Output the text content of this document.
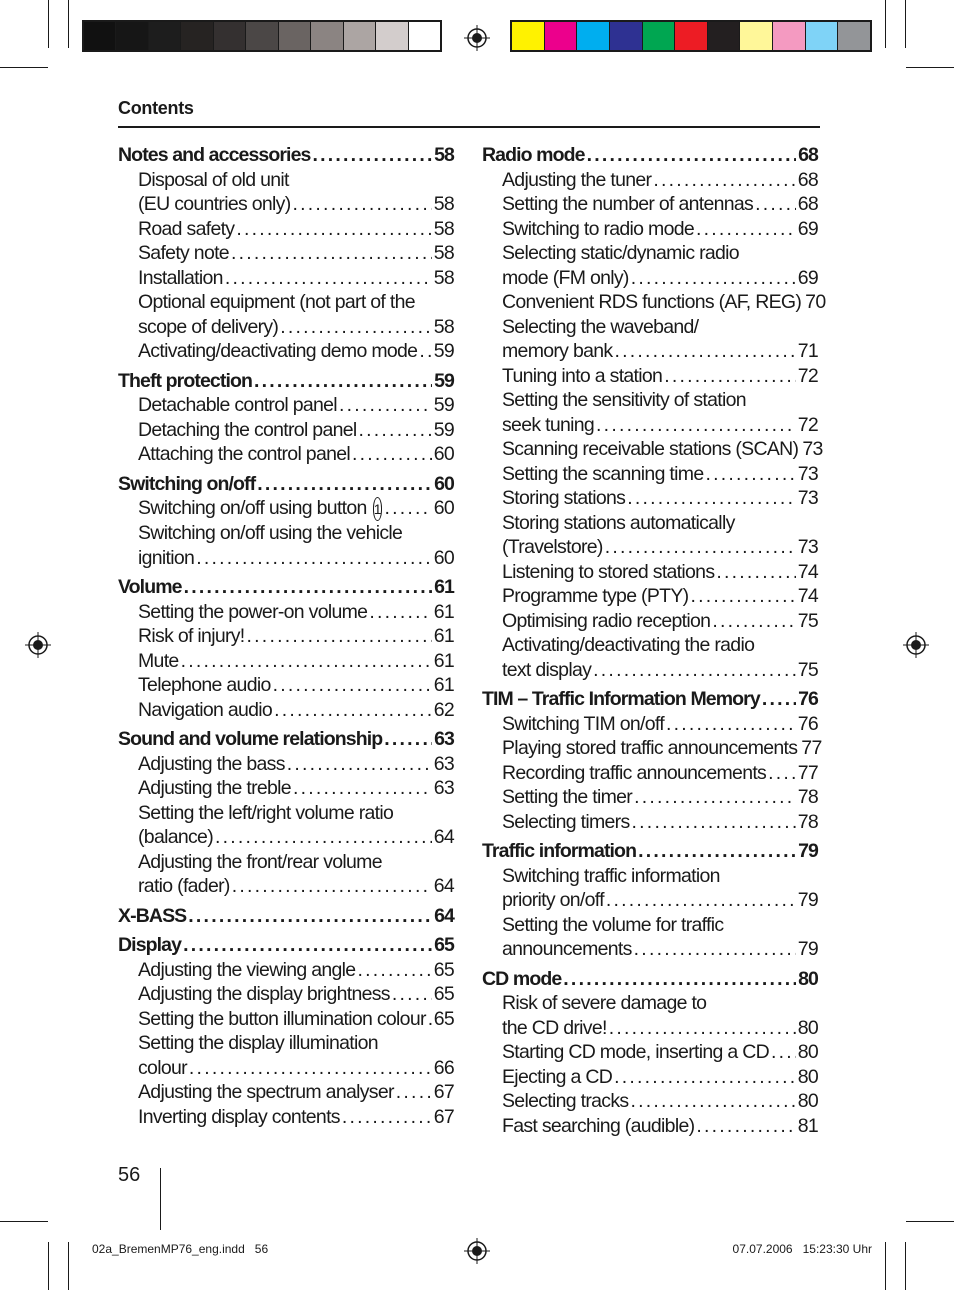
Contents
Notes and accessories . . .	58
Disposal of old unit
(EU countries only) . . .	58
Road safety . . .	58
Safety note . . .	58
Installation . . .	58
Optional equipment (not part of the
scope of delivery) . . .	58
Activating/deactivating demo mode . . . 59
Theft protection . . .	59
Detachable control panel . . .	59
Detaching the control panel . . .	59
Attaching the control panel . . .	60
Switching on/off . . .	60
Switching on/off using button 1 . . .	60
Switching on/off using the vehicle
ignition . . .	60
Volume . . .	61
Setting the power-on volume . . .	61
Risk of injury! . . .	61
Mute . . .	61
Telephone audio . . .	61
Navigation audio . . .	62
Sound and volume relationship . . .	63
Adjusting the bass . . .	63
Adjusting the treble . . .	63
Setting the left/right volume ratio
(balance) . . .	64
Adjusting the front/rear volume
ratio (fader) . . .	64
X-BASS . . .	64
Display . . .	65
Adjusting the viewing angle . . .	65
Adjusting the display brightness . . . 65
Setting the button illumination colour . . . 65
Setting the display illumination
colour . . .	66
Adjusting the spectrum analyser . . . 67
Inverting display contents . . .	67
Radio mode . . .	68
Adjusting the tuner . . .	68
Setting the number of antennas . . . 68
Switching to radio mode . . .	69
Selecting static/dynamic radio
mode (FM only) . . .	69
Convenient RDS functions (AF, REG) 70
Selecting the waveband/
memory bank . . .	71
Tuning into a station . . .	72
Setting the sensitivity of station
seek tuning . . .	72
Scanning receivable stations (SCAN) 73
Setting the scanning time . . .	73
Storing stations . . .	73
Storing stations automatically
(Travelstore) . . .	73
Listening to stored stations . . .	74
Programme type (PTY) . . .	74
Optimising radio reception . . .	75
Activating/deactivating the radio
text display . . .	75
TIM – Traffic Information Memory . . . 76
Switching TIM on/off . . .	76
Playing stored traffic announcements 77
Recording traffic announcements . . . 77
Setting the timer . . .	78
Selecting timers . . .	78
Traffic information . . .	79
Switching traffic information
priority on/off . . .	79
Setting the volume for traffic
announcements . . .	79
CD mode . . .	80
Risk of severe damage to
the CD drive! . . .	80
Starting CD mode, inserting a CD . . . 80
Ejecting a CD . . .	80
Selecting tracks . . .	80
Fast searching (audible) . . .	81
56
02a_BremenMP76_eng.indd   56	07.07.2006   15:23:30 Uhr
